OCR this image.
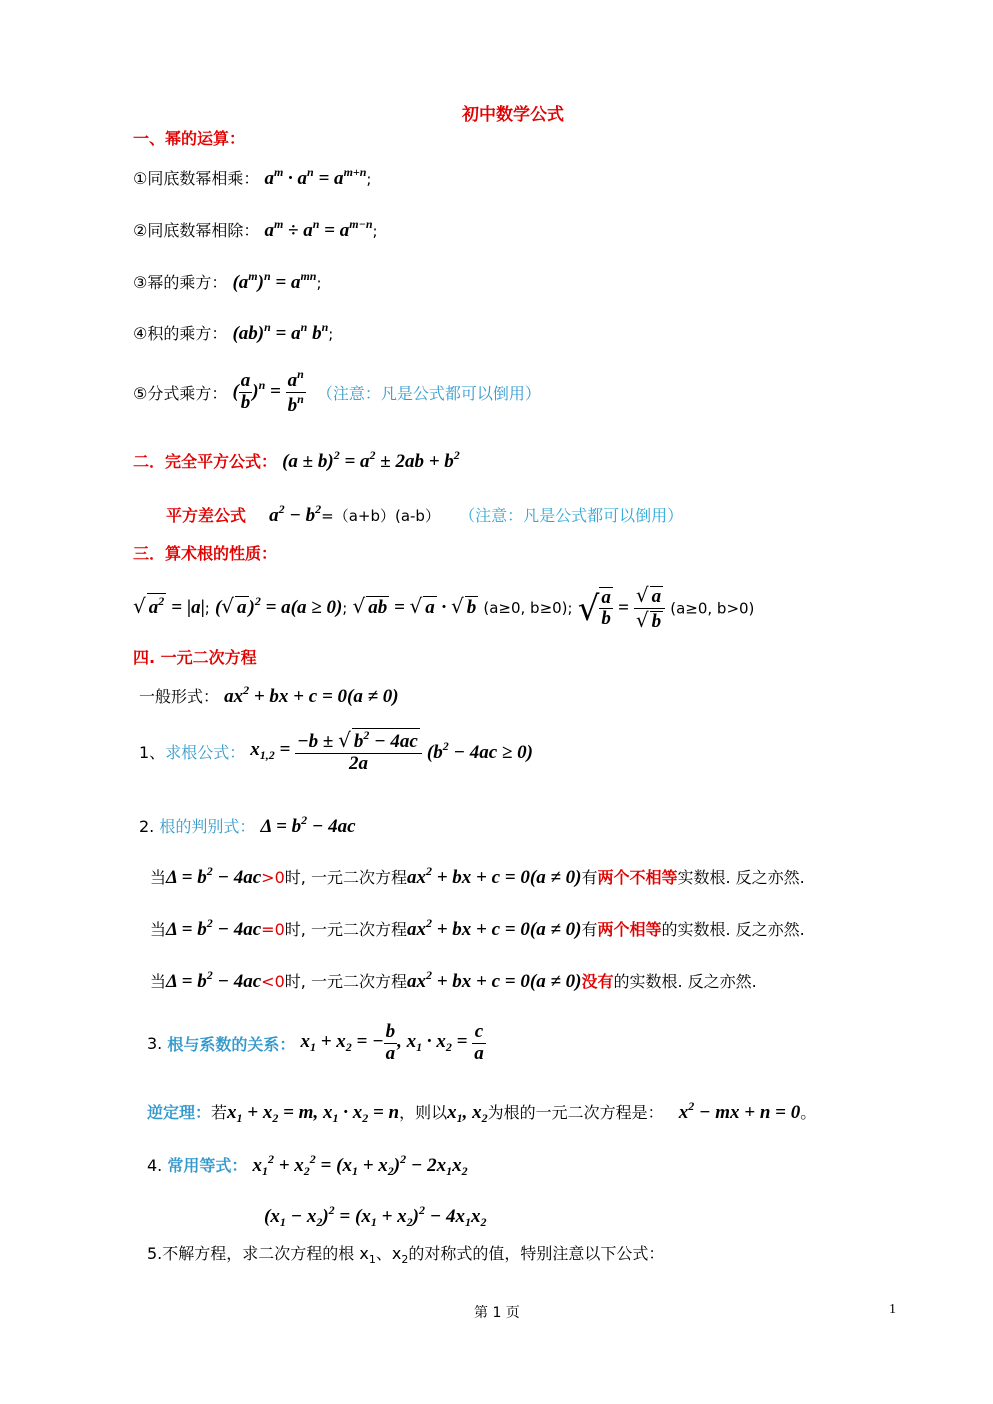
初中数学公式
一、幂的运算：
①同底数幂相乘： $a^m \cdot a^n = a^{m+n}$;
②同底数幂相除： $a^m \div a^n = a^{m-n}$;
③幂的乘方： $(a^m)^n = a^{mn}$;
④积的乘方： $(ab)^n = a^n$ $b^n$;
⑤分式乘方： ( $\frac{a}{b} )^n = \frac{a^n}{b^n}$ （注意：凡是公式都可以倒用）
二．完全平方公式： $(a \pm b)^2 = a^2 \pm 2ab + b^2$
平方差公式 $a^2 - b^2=(a+b)(a-b)$ （注意：凡是公式都可以倒用）
三．算术根的性质：
√ $a^2 = |a|$; (√ a )$^2$ = a(a ≥ 0); √ ab = √ a · √ b (a≥0, b≥0); √ $\frac{a}{b} = \frac{√ a}{√ b} (a\ge 0$, b>0)
四. 一元二次方程
一般形式： $ax^2$ + bx + c = 0(a ≠ 0)
1、求根公式： $x_{1,2} = \frac{-b \pm √ b^2 - 4ac}{2a} (b^2 - 4ac \ge 0)$
2. 根的判别式： $\Delta = b^2 - 4ac$
当$\Delta = b^2 - 4ac>0$时, 一元二次方程$ax^2$ + bx + c = 0(a ≠ 0)有两个不相等实数根. 反之亦然.
当$\Delta = b^2 - 4ac=0$时, 一元二次方程$ax^2$ + bx + c = 0(a ≠ 0)有两个相等的实数根. 反之亦然.
当$\Delta = b^2 - 4ac<0$时, 一元二次方程$ax^2$ + bx + c = 0(a ≠ 0)没有的实数根. 反之亦然.
3. 根与系数的关系： $x_1 + x_2$ = − $\frac{b}{a}$ , $x_1 \cdot x_2 = \frac{c}{a}$
逆定理：若$x_1 + x_2 = m$, $x_1 \cdot x_2 = n$，则以$x_1$, $x_2$为根的一元二次方程是： $x^2$ − mx + n = 0。
4. 常用等式： $x_1^2 + x_2^2 = (x_1 + x_2)^2 - 2x_1x_2$
$(x_1 - x_2)^2 = (x_1 + x_2)^2 - 4x_1x_2$
5.不解方程，求二次方程的根 $x_1$、$x_2$的对称式的值，特别注意以下公式：
第 1 页	1
